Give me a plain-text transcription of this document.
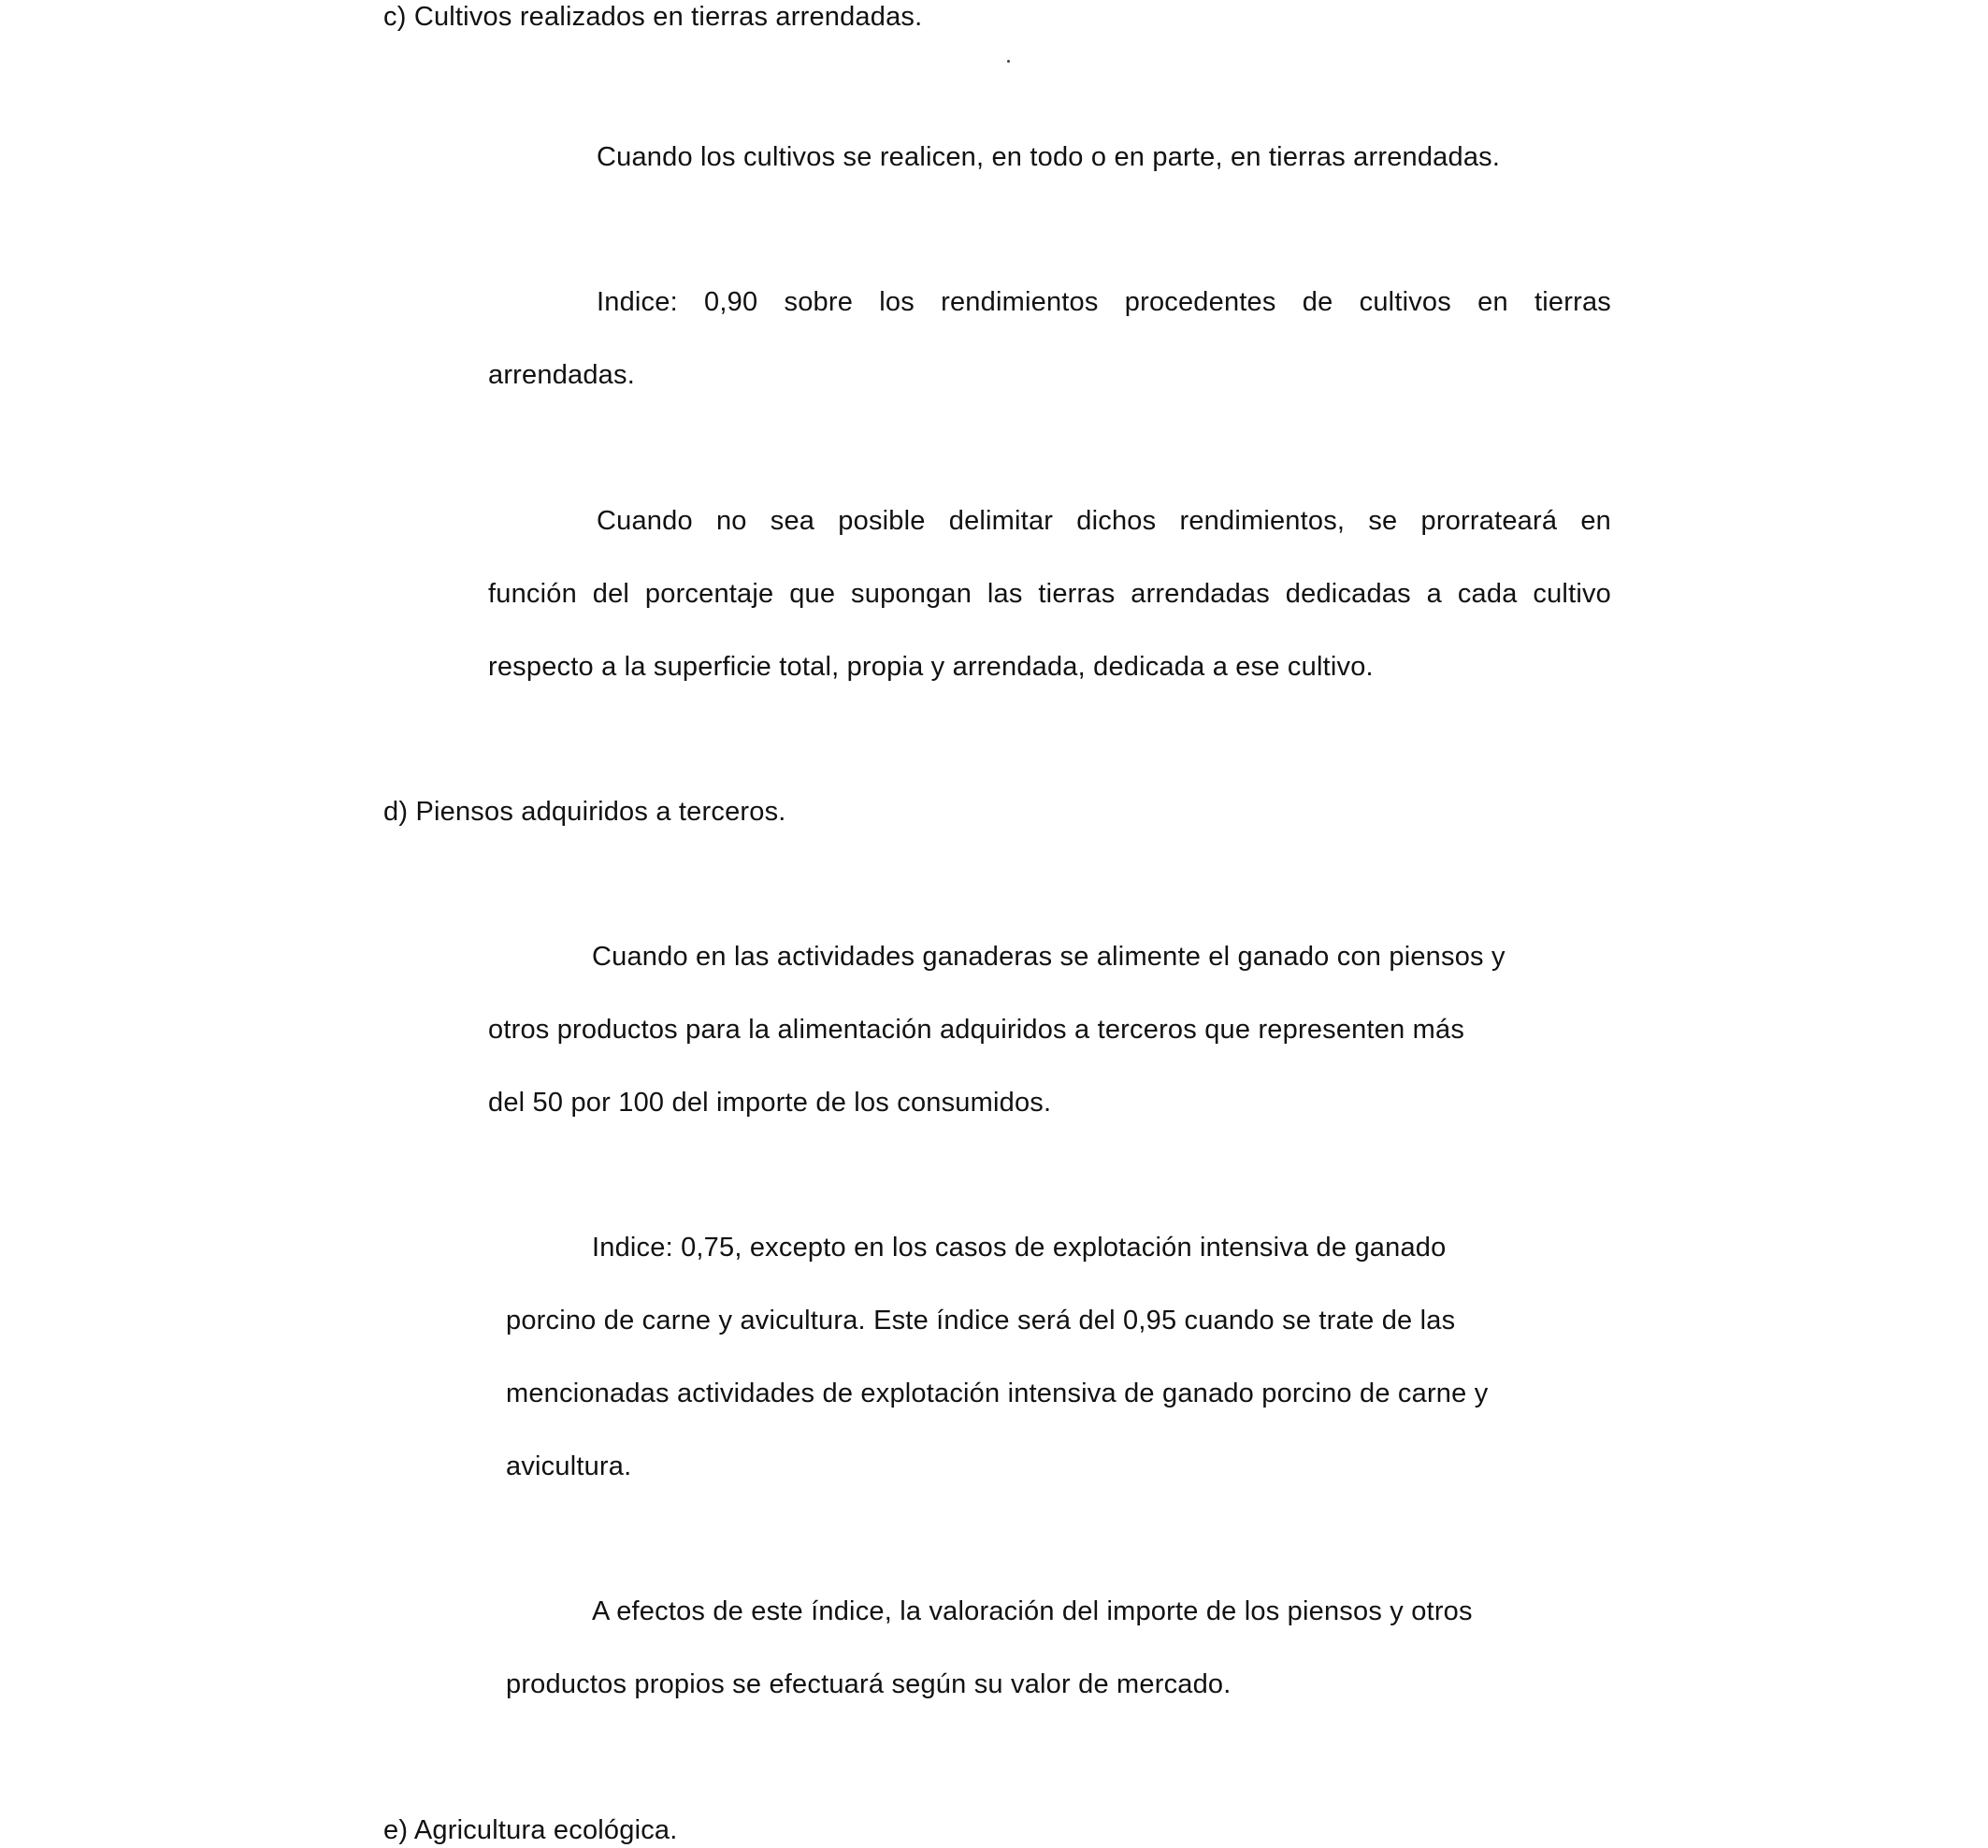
c) Cultivos realizados en tierras arrendadas.
Cuando los cultivos se realicen, en todo o en parte, en tierras arrendadas.
Indice: 0,90 sobre los rendimientos procedentes de cultivos en tierras
arrendadas.
Cuando no sea posible delimitar dichos rendimientos, se prorrateará en
función del porcentaje que supongan las tierras arrendadas dedicadas a cada cultivo
respecto a la superficie total, propia y arrendada, dedicada a ese cultivo.
d) Piensos adquiridos a terceros.
Cuando en las actividades ganaderas se alimente el ganado con piensos y
otros productos para la alimentación adquiridos a terceros que representen más
del 50 por 100 del importe de los consumidos.
Indice: 0,75, excepto en los casos de explotación intensiva de ganado
porcino de carne y avicultura. Este índice será del 0,95 cuando se trate de las
mencionadas actividades de explotación intensiva de ganado porcino de carne y
avicultura.
A efectos de este índice, la valoración del importe de los piensos y otros
productos propios se efectuará según su valor de mercado.
e) Agricultura ecológica.
